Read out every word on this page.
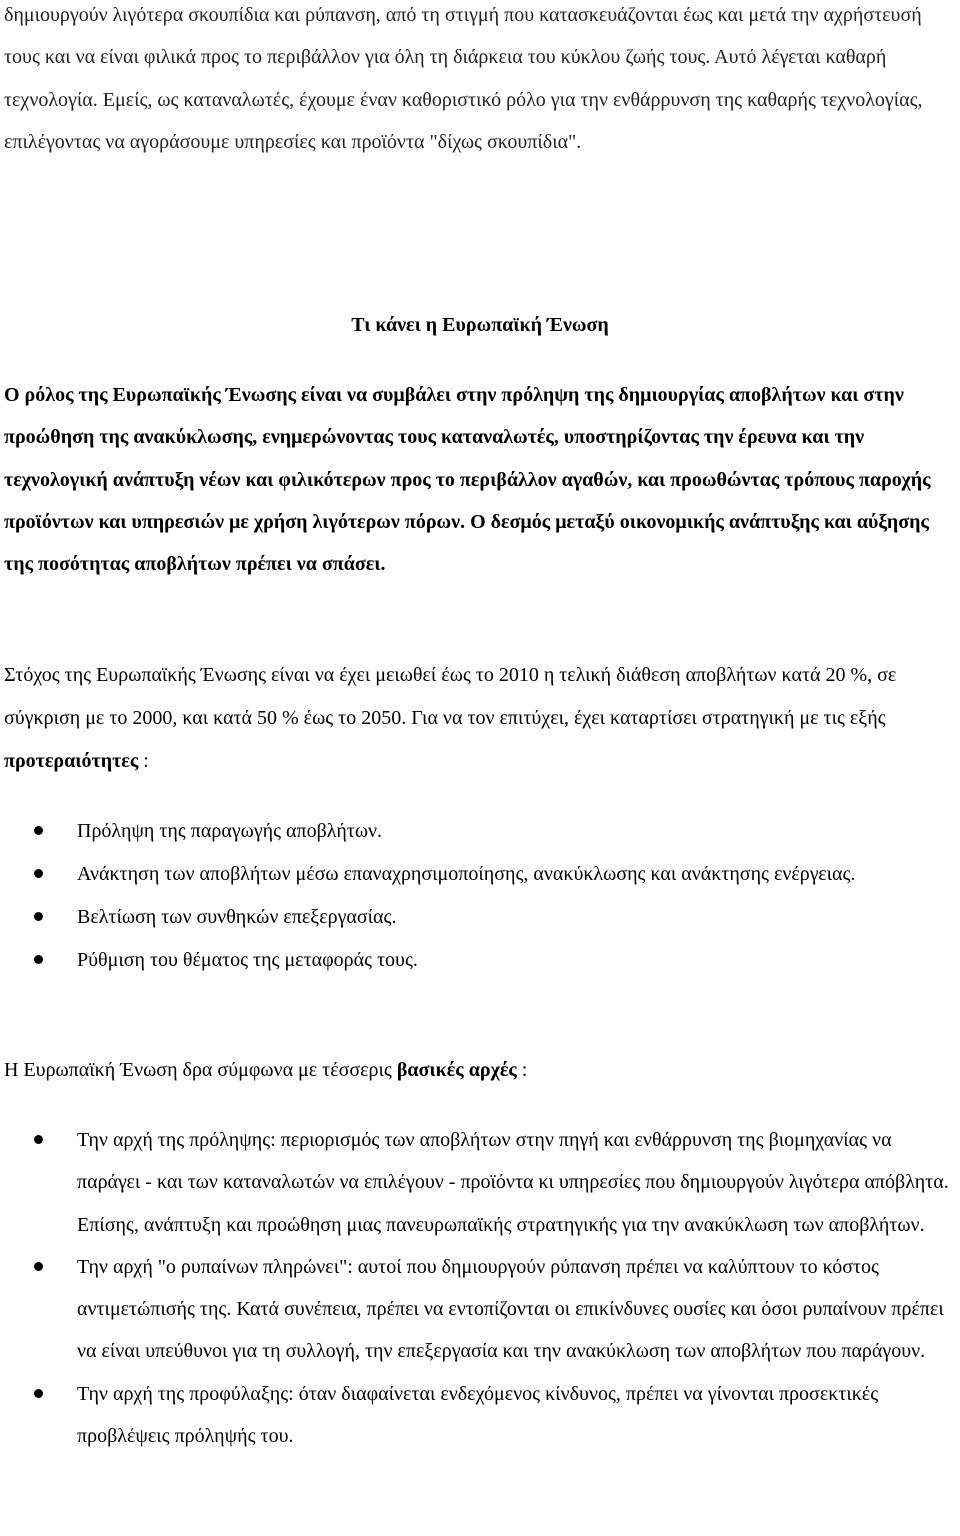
δημιουργούν λιγότερα σκουπίδια και ρύπανση, από τη στιγμή που κατασκευάζονται έως και μετά την αχρήστευσή τους και να είναι φιλικά προς το περιβάλλον για όλη τη διάρκεια του κύκλου ζωής τους. Αυτό λέγεται καθαρή τεχνολογία. Εμείς, ως καταναλωτές, έχουμε έναν καθοριστικό ρόλο για την ενθάρρυνση της καθαρής τεχνολογίας, επιλέγοντας να αγοράσουμε υπηρεσίες και προϊόντα "δίχως σκουπίδια".

Τι κάνει η Ευρωπαϊκή Ένωση

Ο ρόλος της Ευρωπαϊκής Ένωσης είναι να συμβάλει στην πρόληψη της δημιουργίας αποβλήτων και στην προώθηση της ανακύκλωσης, ενημερώνοντας τους καταναλωτές, υποστηρίζοντας την έρευνα και την τεχνολογική ανάπτυξη νέων και φιλικότερων προς το περιβάλλον αγαθών, και προωθώντας τρόπους παροχής προϊόντων και υπηρεσιών με χρήση λιγότερων πόρων. Ο δεσμός μεταξύ οικονομικής ανάπτυξης και αύξησης της ποσότητας αποβλήτων πρέπει να σπάσει.

Στόχος της Ευρωπαϊκής Ένωσης είναι να έχει μειωθεί έως το 2010 η τελική διάθεση αποβλήτων κατά 20 %, σε σύγκριση με το 2000, και κατά 50 % έως το 2050. Για να τον επιτύχει, έχει καταρτίσει στρατηγική με τις εξής προτεραιότητες :

Πρόληψη της παραγωγής αποβλήτων.
Ανάκτηση των αποβλήτων μέσω επαναχρησιμοποίησης, ανακύκλωσης και ανάκτησης ενέργειας.
Βελτίωση των συνθηκών επεξεργασίας.
Ρύθμιση του θέματος της μεταφοράς τους.

Η Ευρωπαϊκή Ένωση δρα σύμφωνα με τέσσερις βασικές αρχές :

Την αρχή της πρόληψης: περιορισμός των αποβλήτων στην πηγή και ενθάρρυνση της βιομηχανίας να παράγει - και των καταναλωτών να επιλέγουν - προϊόντα κι υπηρεσίες που δημιουργούν λιγότερα απόβλητα. Επίσης, ανάπτυξη και προώθηση μιας πανευρωπαϊκής στρατηγικής για την ανακύκλωση των αποβλήτων.
Την αρχή "ο ρυπαίνων πληρώνει": αυτοί που δημιουργούν ρύπανση πρέπει να καλύπτουν το κόστος αντιμετώπισής της. Κατά συνέπεια, πρέπει να εντοπίζονται οι επικίνδυνες ουσίες και όσοι ρυπαίνουν πρέπει να είναι υπεύθυνοι για τη συλλογή, την επεξεργασία και την ανακύκλωση των αποβλήτων που παράγουν.
Την αρχή της προφύλαξης: όταν διαφαίνεται ενδεχόμενος κίνδυνος, πρέπει να γίνονται προσεκτικές προβλέψεις πρόληψής του.
